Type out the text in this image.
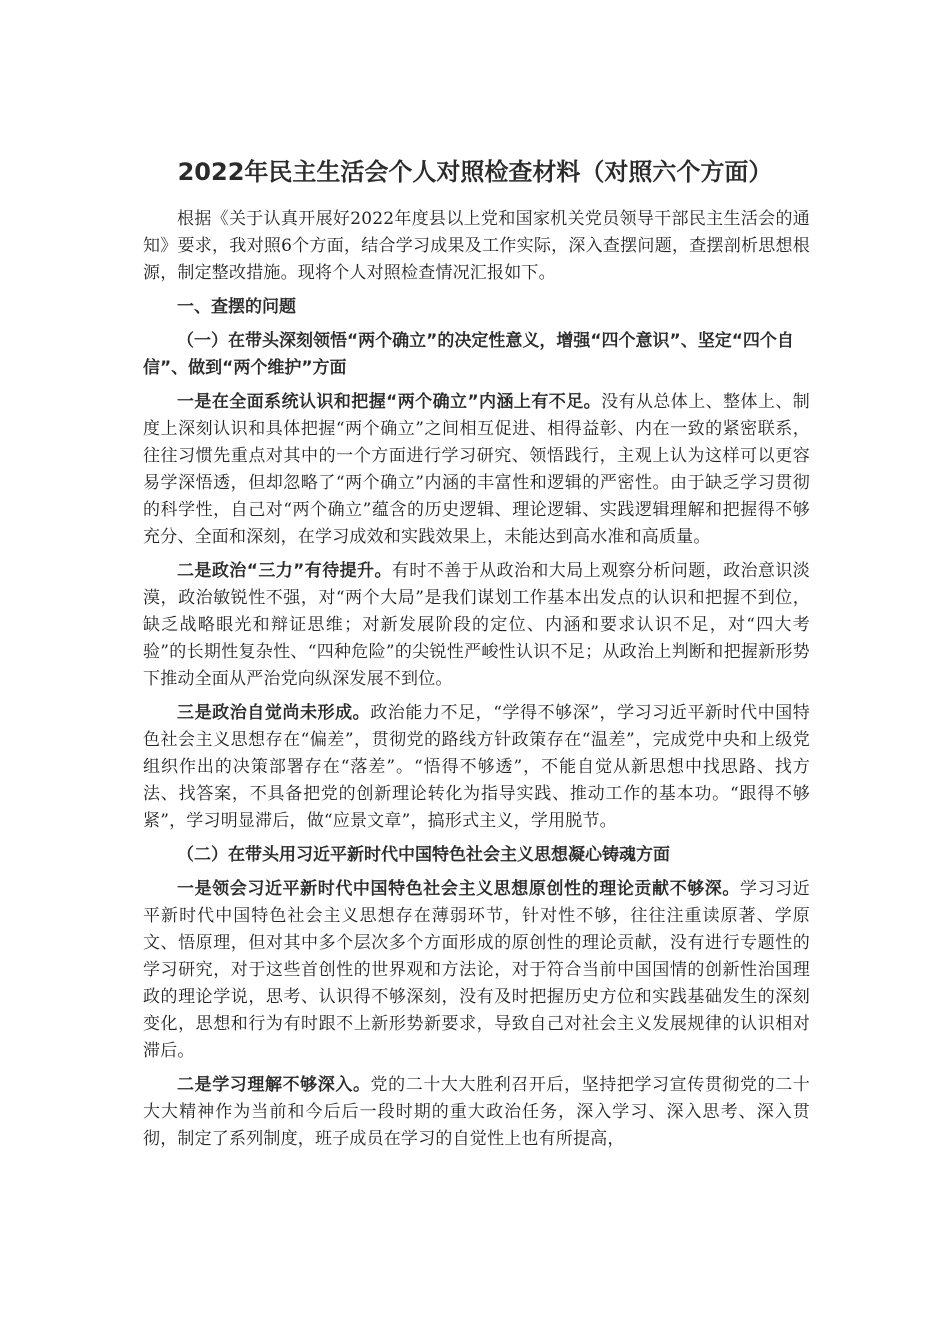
2022年民主生活会个人对照检查材料（对照六个方面）

根据《关于认真开展好2022年度县以上党和国家机关党员领导干部民主生活会的通知》要求，我对照6个方面，结合学习成果及工作实际，深入查摆问题，查摆剖析思想根源，制定整改措施。现将个人对照检查情况汇报如下。

一、查摆的问题

（一）在带头深刻领悟“两个确立”的决定性意义，增强“四个意识”、坚定“四个自信”、做到“两个维护”方面

一是在全面系统认识和把握“两个确立”内涵上有不足。没有从总体上、整体上、制度上深刻认识和具体把握“两个确立”之间相互促进、相得益彰、内在一致的紧密联系，往往习惯先重点对其中的一个方面进行学习研究、领悟践行，主观上认为这样可以更容易学深悟透，但却忽略了“两个确立”内涵的丰富性和逻辑的严密性。由于缺乏学习贯彻的科学性，自己对“两个确立”蕴含的历史逻辑、理论逻辑、实践逻辑理解和把握得不够充分、全面和深刻，在学习成效和实践效果上，未能达到高水准和高质量。

二是政治“三力”有待提升。有时不善于从政治和大局上观察分析问题，政治意识淡漠，政治敏锐性不强，对“两个大局”是我们谋划工作基本出发点的认识和把握不到位，缺乏战略眼光和辩证思维；对新发展阶段的定位、内涵和要求认识不足，对“四大考验”的长期性复杂性、“四种危险”的尖锐性严峻性认识不足；从政治上判断和把握新形势下推动全面从严治党向纵深发展不到位。

三是政治自觉尚未形成。政治能力不足，“学得不够深”，学习习近平新时代中国特色社会主义思想存在“偏差”，贯彻党的路线方针政策存在“温差”，完成党中央和上级党组织作出的决策部署存在“落差”。“悟得不够透”，不能自觉从新思想中找思路、找方法、找答案，不具备把党的创新理论转化为指导实践、推动工作的基本功。“跟得不够紧”，学习明显滞后，做“应景文章”，搞形式主义，学用脱节。

（二）在带头用习近平新时代中国特色社会主义思想凝心铸魂方面

一是领会习近平新时代中国特色社会主义思想原创性的理论贡献不够深。学习习近平新时代中国特色社会主义思想存在薄弱环节，针对性不够，往往注重读原著、学原文、悟原理，但对其中多个层次多个方面形成的原创性的理论贡献，没有进行专题性的学习研究，对于这些首创性的世界观和方法论，对于符合当前中国国情的创新性治国理政的理论学说，思考、认识得不够深刻，没有及时把握历史方位和实践基础发生的深刻变化，思想和行为有时跟不上新形势新要求，导致自己对社会主义发展规律的认识相对滞后。

二是学习理解不够深入。党的二十大大胜利召开后，坚持把学习宣传贯彻党的二十大大精神作为当前和今后后一段时期的重大政治任务，深入学习、深入思考、深入贯彻，制定了系列制度，班子成员在学习的自觉性上也有所提高，
